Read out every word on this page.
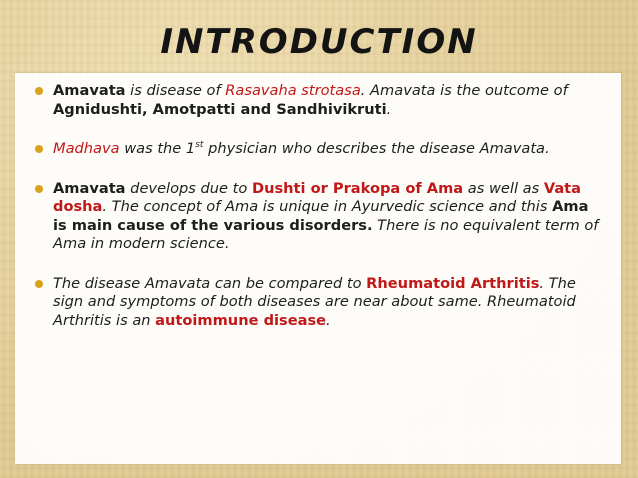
INTRODUCTION
Amavata is disease of Rasavaha strotasa. Amavata is the outcome of Agnidushti, Amotpatti and Sandhivikruti.
Madhava was the 1st physician who describes the disease Amavata.
Amavata develops due to Dushti or Prakopa of Ama as well as Vata dosha. The concept of Ama is unique in Ayurvedic science and this Ama is main cause of the various disorders. There is no equivalent term of Ama in modern science.
The disease Amavata can be compared to Rheumatoid Arthritis. The sign and symptoms of both diseases are near about same. Rheumatoid Arthritis is an autoimmune disease.
